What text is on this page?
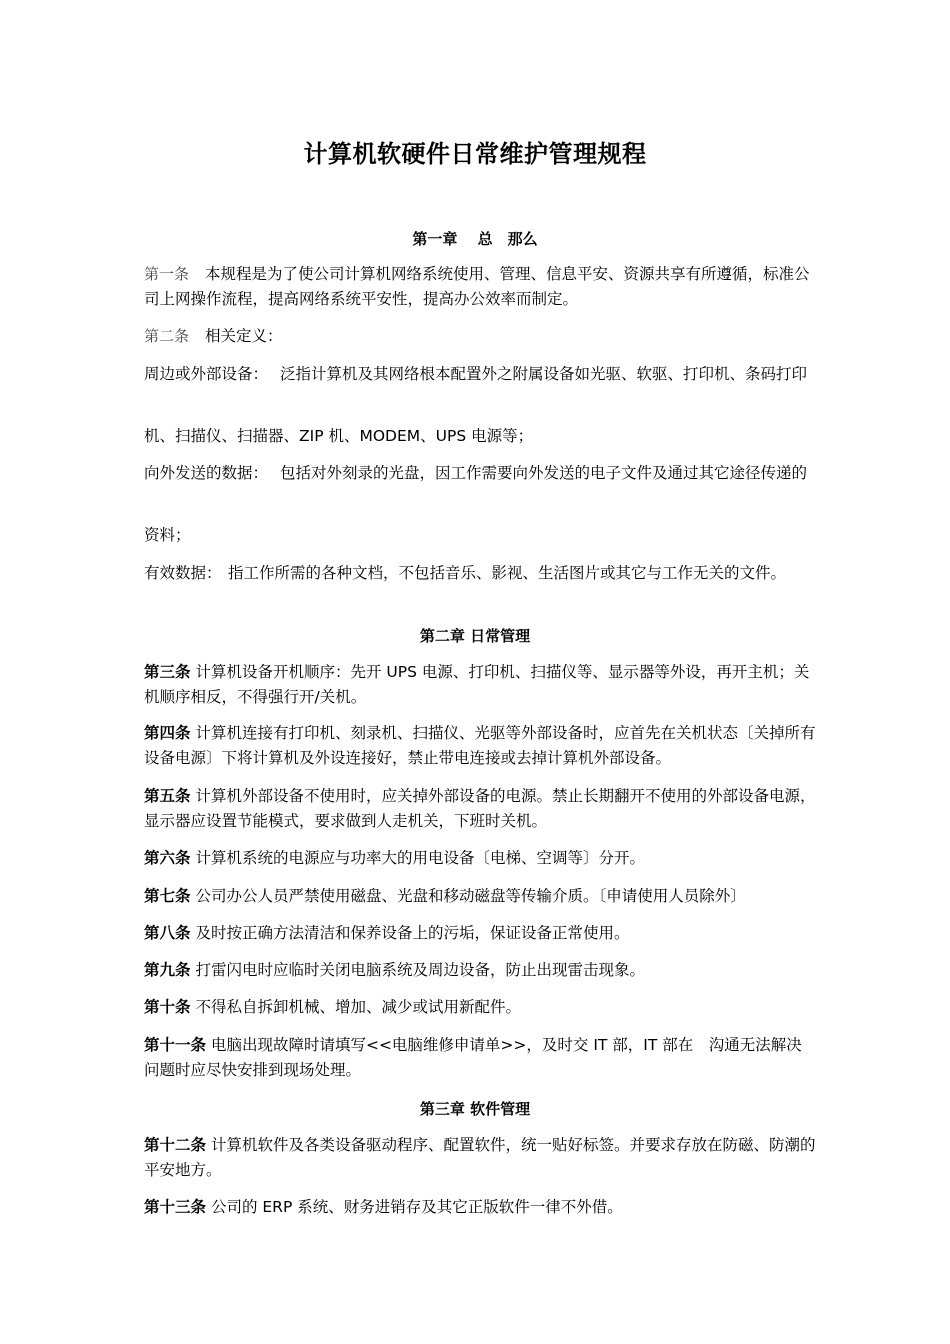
计算机软硬件日常维护管理规程
第一章　 总　那么
第一条 本规程是为了使公司计算机网络系统使用、管理、信息平安、资源共享有所遵循，标准公司上网操作流程，提高网络系统平安性，提高办公效率而制定。
第二条 相关定义：
周边或外部设备： 泛指计算机及其网络根本配置外之附属设备如光驱、软驱、打印机、条码打印
机、扫描仪、扫描器、ZIP 机、MODEM、UPS 电源等；
向外发送的数据： 包括对外刻录的光盘，因工作需要向外发送的电子文件及通过其它途径传递的
资料；
有效数据： 指工作所需的各种文档，不包括音乐、影视、生活图片或其它与工作无关的文件。
第二章 日常管理
第三条 计算机设备开机顺序：先开 UPS 电源、打印机、扫描仪等、显示器等外设，再开主机；关机顺序相反，不得强行开/关机。
第四条 计算机连接有打印机、刻录机、扫描仪、光驱等外部设备时，应首先在关机状态〔关掉所有设备电源〕下将计算机及外设连接好，禁止带电连接或去掉计算机外部设备。
第五条 计算机外部设备不使用时，应关掉外部设备的电源。禁止长期翻开不使用的外部设备电源，显示器应设置节能模式，要求做到人走机关，下班时关机。
第六条 计算机系统的电源应与功率大的用电设备〔电梯、空调等〕分开。
第七条 公司办公人员严禁使用磁盘、光盘和移动磁盘等传输介质。〔申请使用人员除外〕
第八条 及时按正确方法清洁和保养设备上的污垢，保证设备正常使用。
第九条 打雷闪电时应临时关闭电脑系统及周边设备，防止出现雷击现象。
第十条 不得私自拆卸机械、增加、减少或试用新配件。
第十一条 电脑出现故障时请填写<<电脑维修申请单>>，及时交 IT 部，IT 部在　沟通无法解决问题时应尽快安排到现场处理。
第三章 软件管理
第十二条 计算机软件及各类设备驱动程序、配置软件，统一贴好标签。并要求存放在防磁、防潮的平安地方。
第十三条 公司的 ERP 系统、财务进销存及其它正版软件一律不外借。
